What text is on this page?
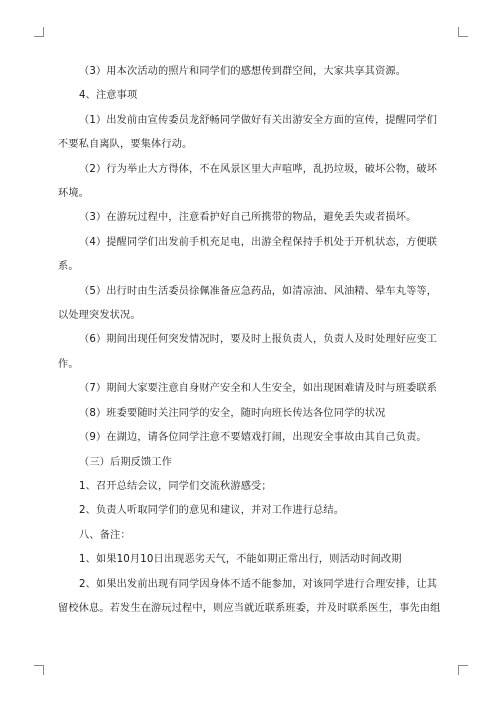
（3）用本次活动的照片和同学们的感想传到群空间，大家共享其资源。

4、注意事项

（1）出发前由宣传委员龙舒畅同学做好有关出游安全方面的宣传，提醒同学们

不要私自离队，要集体行动。

（2）行为举止大方得体，不在风景区里大声喧哗，乱扔垃圾，破坏公物，破坏

环境。

（3）在游玩过程中，注意看护好自己所携带的物品，避免丢失或者损坏。

（4）提醒同学们出发前手机充足电，出游全程保持手机处于开机状态，方便联

系。

（5）出行时由生活委员徐佩准备应急药品，如清凉油、风油精、晕车丸等等，

以处理突发状况。

（6）期间出现任何突发情况时，要及时上报负责人，负责人及时处理好应变工

作。

（7）期间大家要注意自身财产安全和人生安全，如出现困难请及时与班委联系

（8）班委要随时关注同学的安全，随时向班长传达各位同学的状况

（9）在湖边，请各位同学注意不要嬉戏打闹，出现安全事故由其自己负责。

（三）后期反馈工作

1、召开总结会议，同学们交流秋游感受；

2、负责人听取同学们的意见和建议，并对工作进行总结。

八、备注：

1、如果10月10日出现恶劣天气，不能如期正常出行，则活动时间改期

2、如果出发前出现有同学因身体不适不能参加，对该同学进行合理安排，让其

留校休息。若发生在游玩过程中，则应当就近联系班委，并及时联系医生，事先由组
